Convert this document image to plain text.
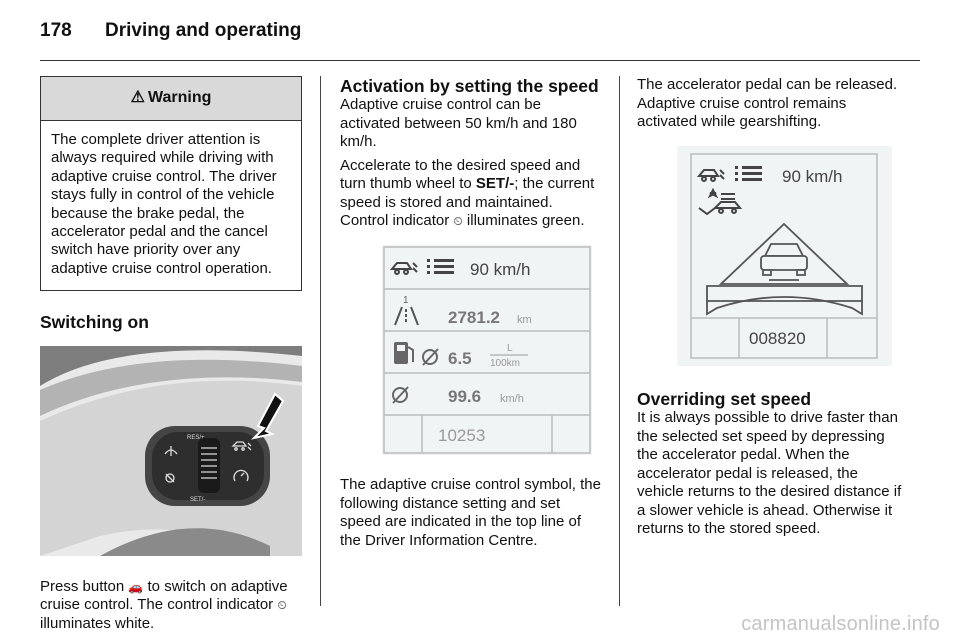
178 Driving and operating
⚠ Warning
The complete driver attention is always required while driving with adaptive cruise control. The driver stays fully in control of the vehicle because the brake pedal, the accelerator pedal and the cancel switch have priority over any adaptive cruise control operation.
Switching on
RES/+
SET/-

Press button 🚗 to switch on adaptive cruise control. The control indicator ⏲ illuminates white.

Activation by setting the speed

Adaptive cruise control can be activated between 50 km/h and 180 km/h.

Accelerate to the desired speed and turn thumb wheel to SET/-; the current speed is stored and maintained. Control indicator ⏲ illuminates green.

90 km/h
1
2781.2 km
6.5
L
100km
99.6 km/h
10253

The adaptive cruise control symbol, the following distance setting and set speed are indicated in the top line of the Driver Information Centre.

The accelerator pedal can be released. Adaptive cruise control remains activated while gearshifting.

90 km/h
008820
Overriding set speed

It is always possible to drive faster than the selected set speed by depressing the accelerator pedal. When the accelerator pedal is released, the vehicle returns to the desired distance if a slower vehicle is ahead. Otherwise it returns to the stored speed.

carmanualsonline.info
